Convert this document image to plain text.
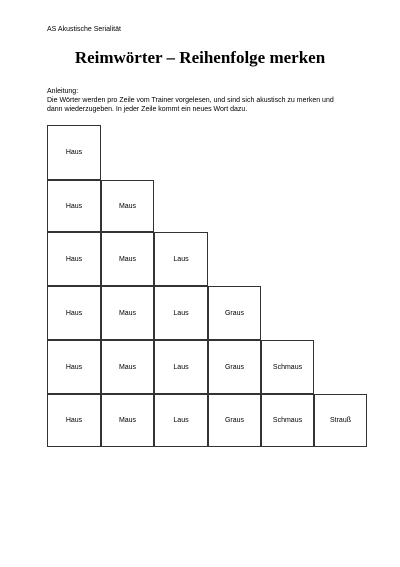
AS Akustische Serialität
Reimwörter – Reihenfolge merken

Anleitung:

Die Wörter werden pro Zeile vom Trainer vorgelesen, und sind sich akustisch zu merken und

dann wiederzugeben. In jeder Zeile kommt ein neues Wort dazu.

Haus
Haus	Maus
Haus	Maus	Laus
Haus	Maus	Laus	Graus
Haus	Maus	Laus	Graus	Schmaus
Haus	Maus	Laus	Graus	Schmaus	Strauß
